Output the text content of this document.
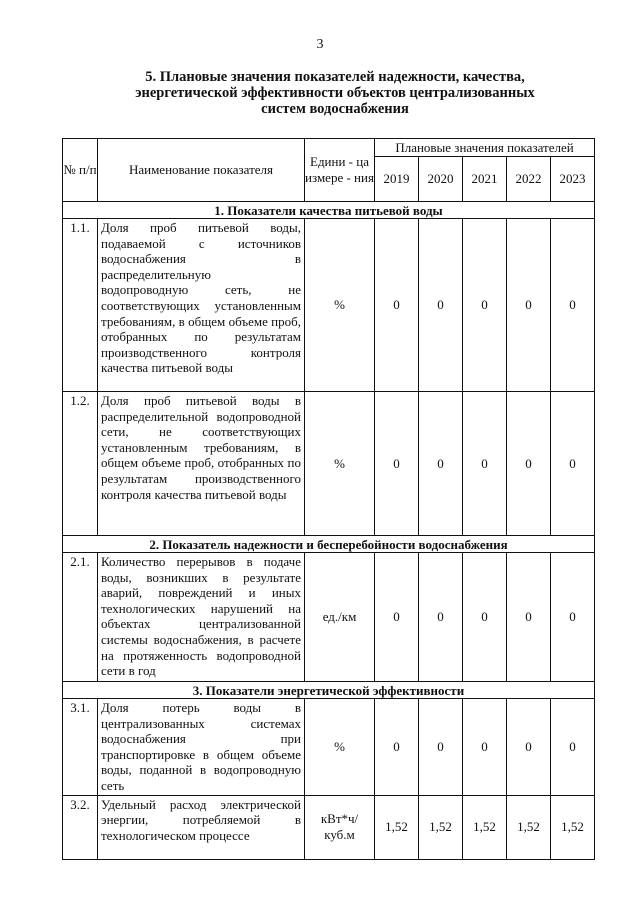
3
5. Плановые значения показателей надежности, качества,
энергетической эффективности объектов централизованных
систем водоснабжения
№ п/п	Наименование показателя	Едини - ца измере - ния	Плановые значения показателей				
			2019	2020	2021	2022	2023
1. Показатели качества питьевой воды							
1.1.	Доля проб питьевой воды, подаваемой с источников водоснабжения в распределительную водопроводную сеть, не соответствующих установленным требованиям, в общем объеме проб, отобранных по результатам производственного контроля качества питьевой воды	%	0	0	0	0	0
1.2.	Доля проб питьевой воды в распределительной водопроводной сети, не соответствующих установленным требованиям, в общем объеме проб, отобранных по результатам производственного контроля качества питьевой воды	%	0	0	0	0	0
2. Показатель надежности и бесперебойности водоснабжения							
2.1.	Количество перерывов в подаче воды, возникших в результате аварий, повреждений и иных технологических нарушений на объектах централизованной системы водоснабжения, в расчете на протяженность водопроводной сети в год	ед./км	0	0	0	0	0
3. Показатели энергетической эффективности							
3.1.	Доля потерь воды в централизованных системах водоснабжения при транспортировке в общем объеме воды, поданной в водопроводную сеть	%	0	0	0	0	0
3.2.	Удельный расход электрической энергии, потребляемой в технологическом процессе	кВт*ч/ куб.м	1,52	1,52	1,52	1,52	1,52
